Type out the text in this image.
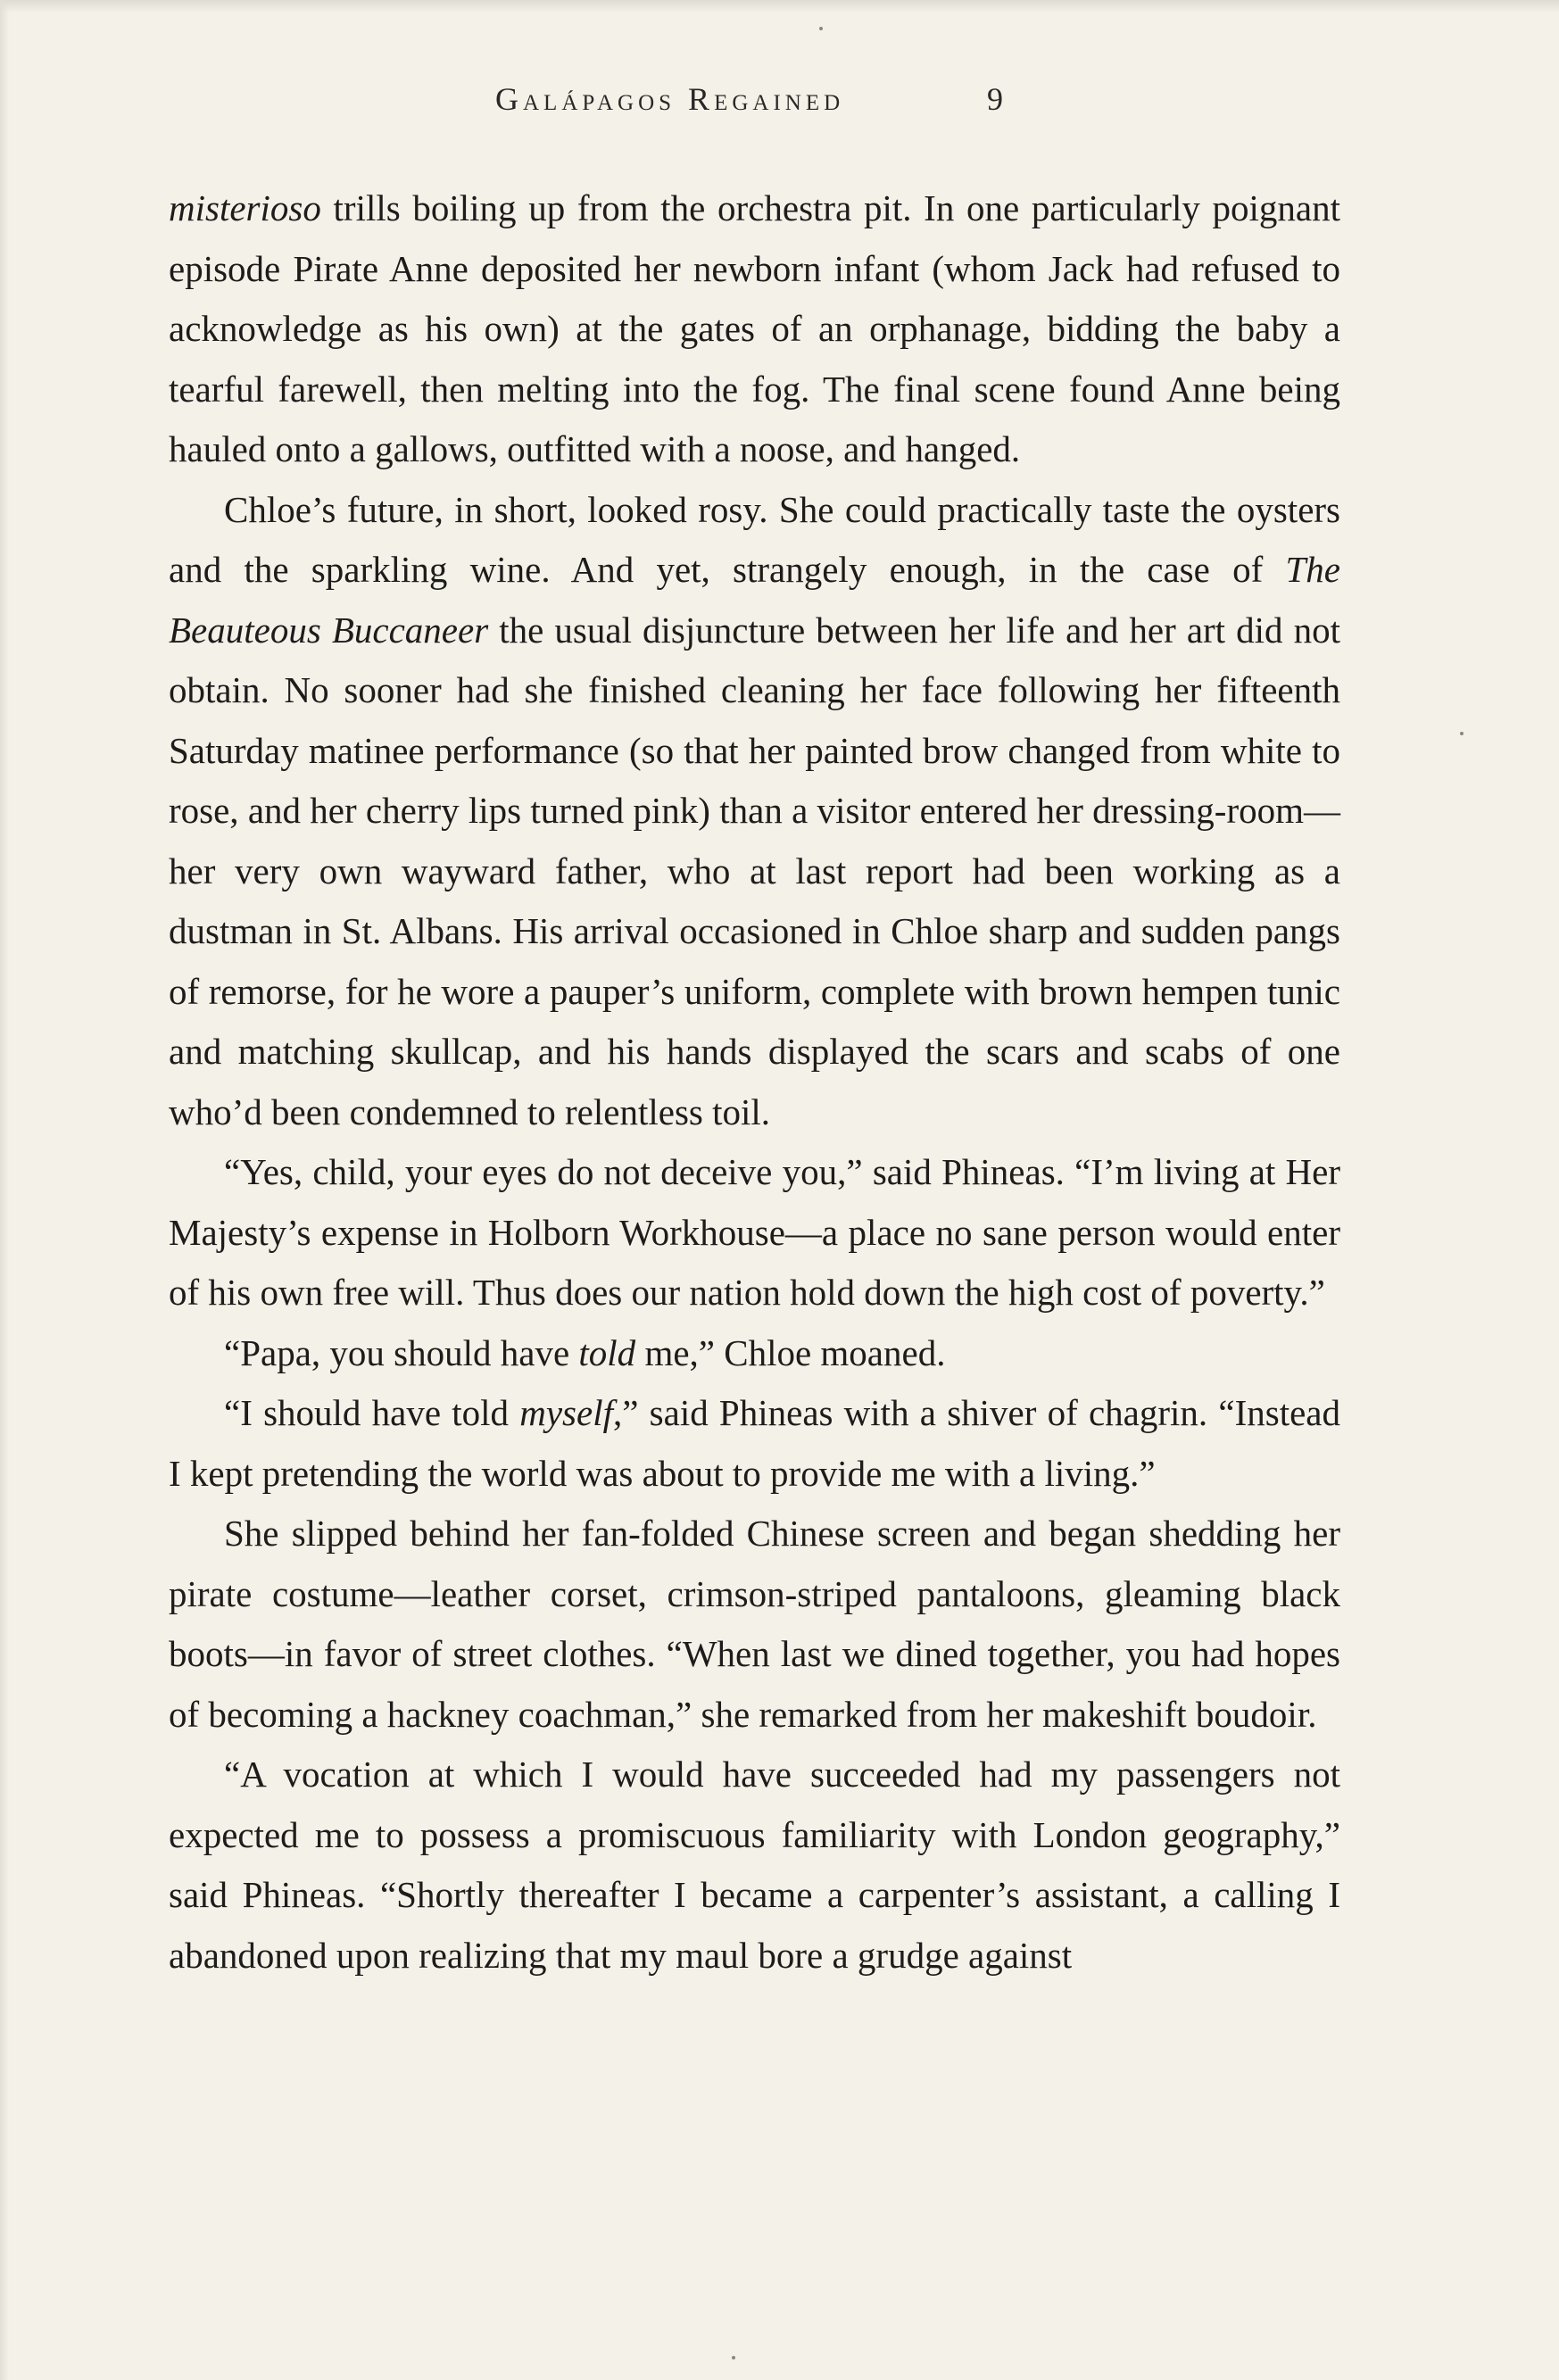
Galápagos Regained	9

misterioso trills boiling up from the orchestra pit. In one particularly poignant episode Pirate Anne deposited her newborn infant (whom Jack had refused to acknowledge as his own) at the gates of an orphanage, bidding the baby a tearful farewell, then melting into the fog. The final scene found Anne being hauled onto a gallows, outfitted with a noose, and hanged.

Chloe’s future, in short, looked rosy. She could practically taste the oysters and the sparkling wine. And yet, strangely enough, in the case of The Beauteous Buccaneer the usual disjuncture between her life and her art did not obtain. No sooner had she finished cleaning her face following her fifteenth Saturday matinee performance (so that her painted brow changed from white to rose, and her cherry lips turned pink) than a visitor entered her dressing-room—her very own wayward father, who at last report had been working as a dustman in St. Albans. His arrival occasioned in Chloe sharp and sudden pangs of remorse, for he wore a pauper’s uniform, complete with brown hempen tunic and matching skullcap, and his hands displayed the scars and scabs of one who’d been condemned to relentless toil.

“Yes, child, your eyes do not deceive you,” said Phineas. “I’m living at Her Majesty’s expense in Holborn Workhouse—a place no sane person would enter of his own free will. Thus does our nation hold down the high cost of poverty.”

“Papa, you should have told me,” Chloe moaned.

“I should have told myself,” said Phineas with a shiver of chagrin. “Instead I kept pretending the world was about to provide me with a living.”

She slipped behind her fan-folded Chinese screen and began shedding her pirate costume—leather corset, crimson-striped pantaloons, gleaming black boots—in favor of street clothes. “When last we dined together, you had hopes of becoming a hackney coachman,” she remarked from her makeshift boudoir.

“A vocation at which I would have succeeded had my passengers not expected me to possess a promiscuous familiarity with London geography,” said Phineas. “Shortly thereafter I became a carpenter’s assistant, a calling I abandoned upon realizing that my maul bore a grudge against
